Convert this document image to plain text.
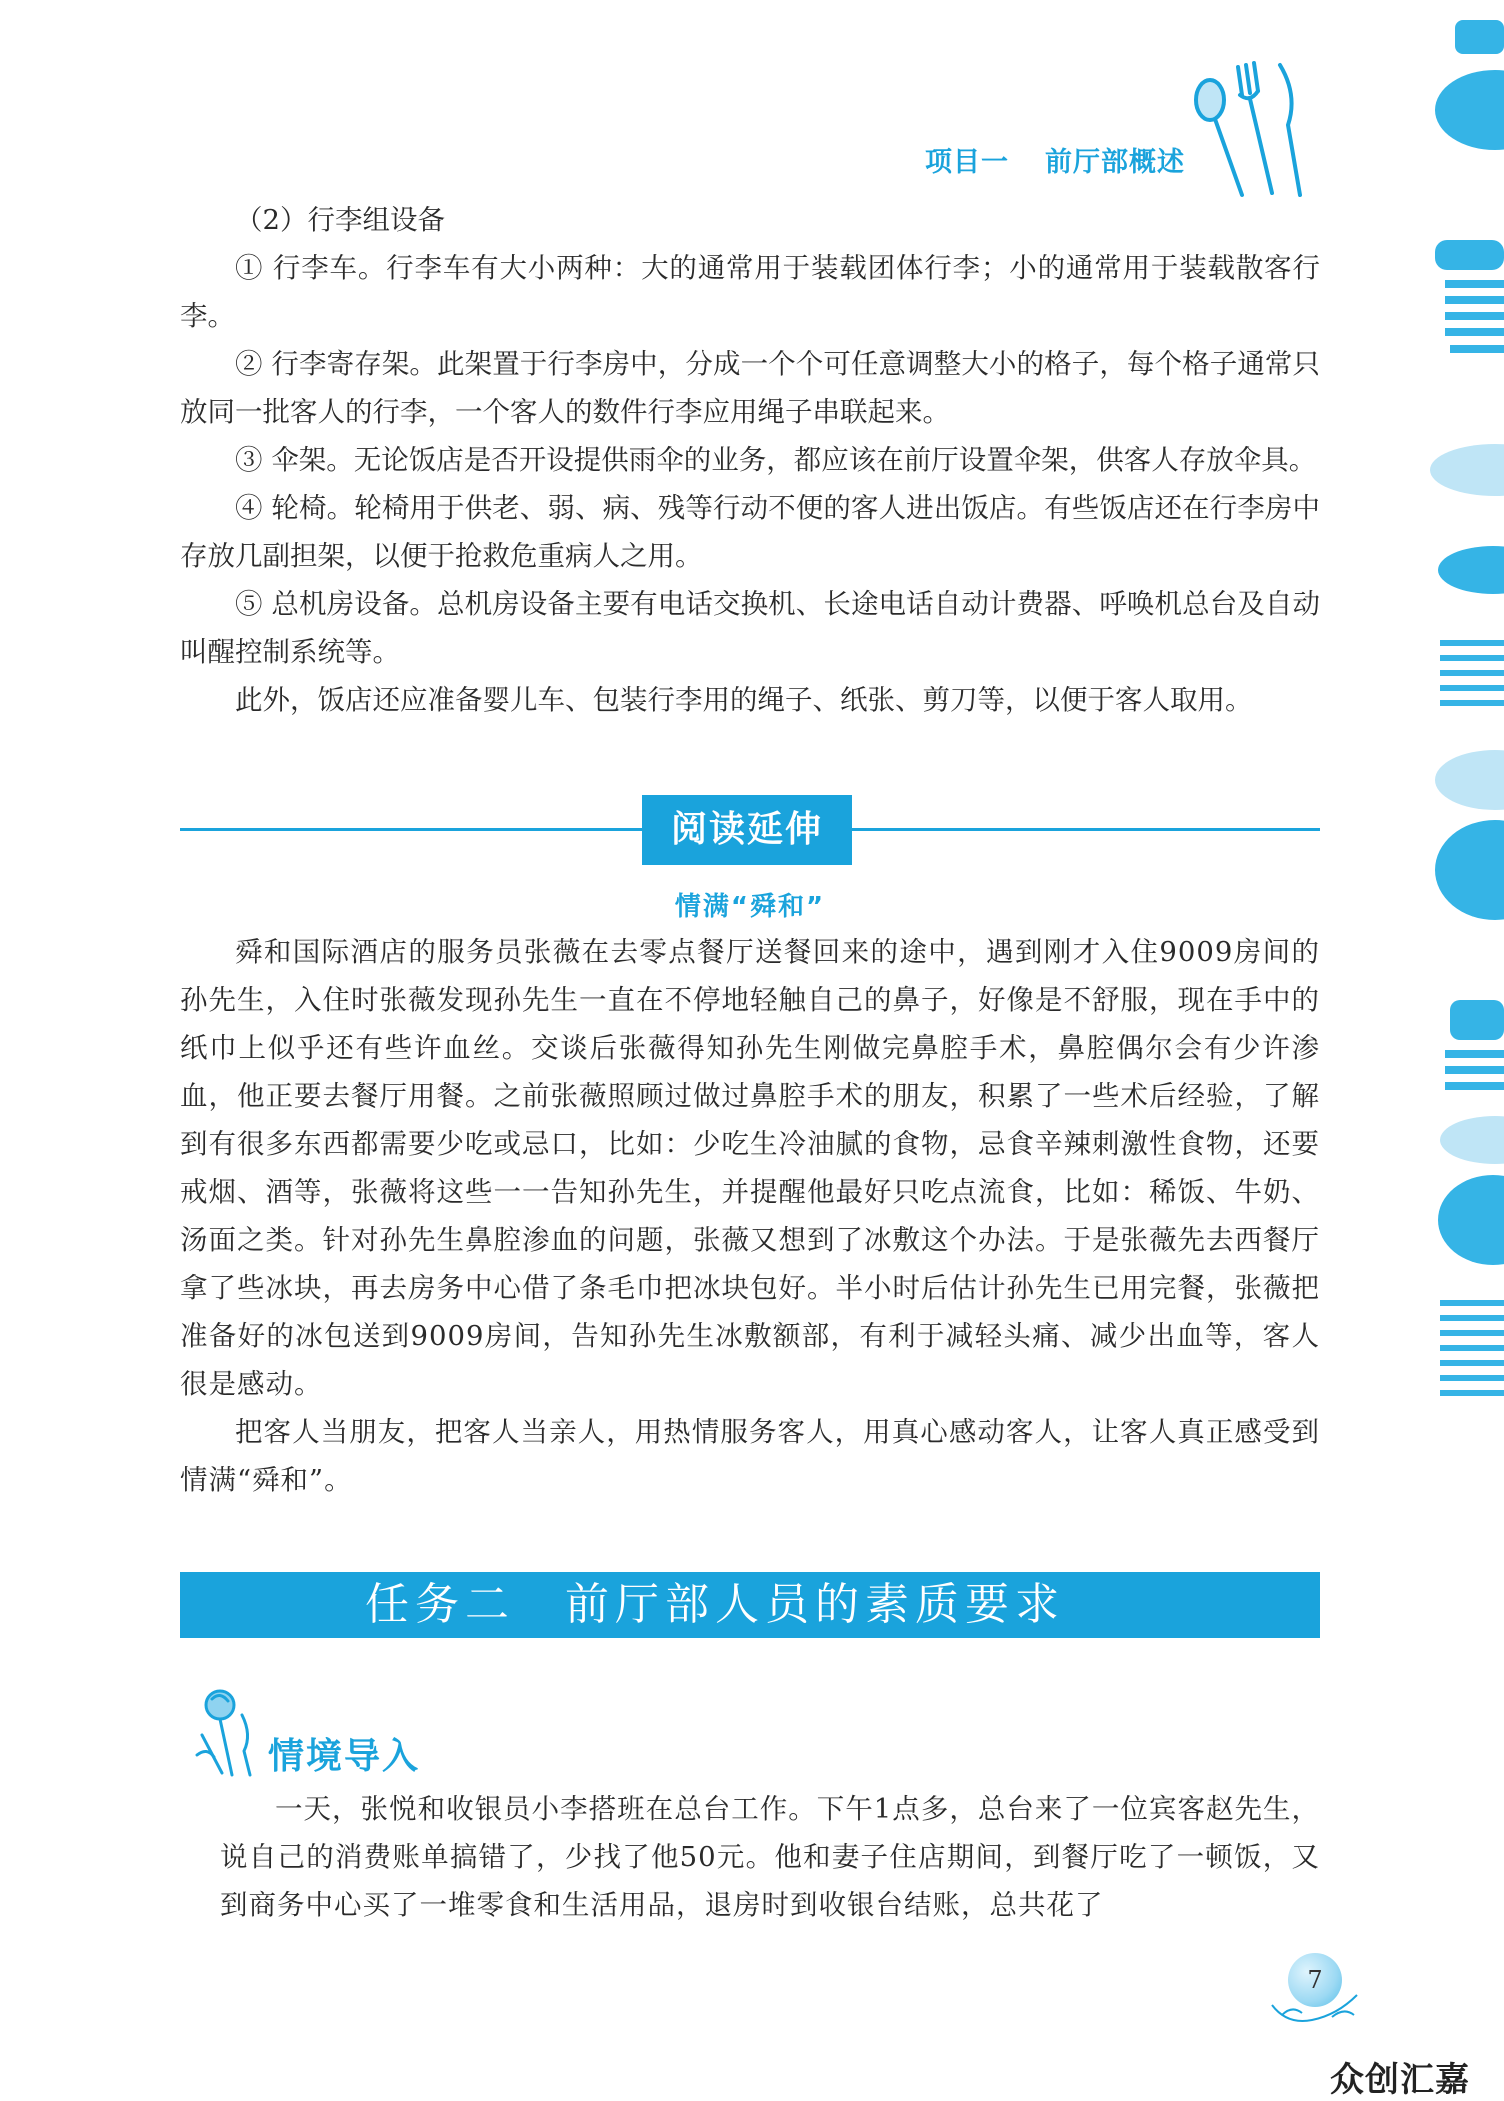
项目一 前厅部概述

（2）行李组设备

① 行李车。行李车有大小两种：大的通常用于装载团体行李；小的通常用于装载散客行李。

② 行李寄存架。此架置于行李房中，分成一个个可任意调整大小的格子，每个格子通常只放同一批客人的行李，一个客人的数件行李应用绳子串联起来。

③ 伞架。无论饭店是否开设提供雨伞的业务，都应该在前厅设置伞架，供客人存放伞具。

④ 轮椅。轮椅用于供老、弱、病、残等行动不便的客人进出饭店。有些饭店还在行李房中存放几副担架，以便于抢救危重病人之用。

⑤ 总机房设备。总机房设备主要有电话交换机、长途电话自动计费器、呼唤机总台及自动叫醒控制系统等。

此外，饭店还应准备婴儿车、包装行李用的绳子、纸张、剪刀等，以便于客人取用。

阅读延伸
情满“舜和”

舜和国际酒店的服务员张薇在去零点餐厅送餐回来的途中，遇到刚才入住9009房间的孙先生，入住时张薇发现孙先生一直在不停地轻触自己的鼻子，好像是不舒服，现在手中的纸巾上似乎还有些许血丝。交谈后张薇得知孙先生刚做完鼻腔手术，鼻腔偶尔会有少许渗血，他正要去餐厅用餐。之前张薇照顾过做过鼻腔手术的朋友，积累了一些术后经验，了解到有很多东西都需要少吃或忌口，比如：少吃生冷油腻的食物，忌食辛辣刺激性食物，还要戒烟、酒等，张薇将这些一一告知孙先生，并提醒他最好只吃点流食，比如：稀饭、牛奶、汤面之类。针对孙先生鼻腔渗血的问题，张薇又想到了冰敷这个办法。于是张薇先去西餐厅拿了些冰块，再去房务中心借了条毛巾把冰块包好。半小时后估计孙先生已用完餐，张薇把准备好的冰包送到9009房间，告知孙先生冰敷额部，有利于减轻头痛、减少出血等，客人很是感动。

把客人当朋友，把客人当亲人，用热情服务客人，用真心感动客人，让客人真正感受到情满“舜和”。

任务二　前厅部人员的素质要求
情境导入

一天，张悦和收银员小李搭班在总台工作。下午1点多，总台来了一位宾客赵先生，说自己的消费账单搞错了，少找了他50元。他和妻子住店期间，到餐厅吃了一顿饭，又到商务中心买了一堆零食和生活用品，退房时到收银台结账，总共花了

7
众创汇嘉
